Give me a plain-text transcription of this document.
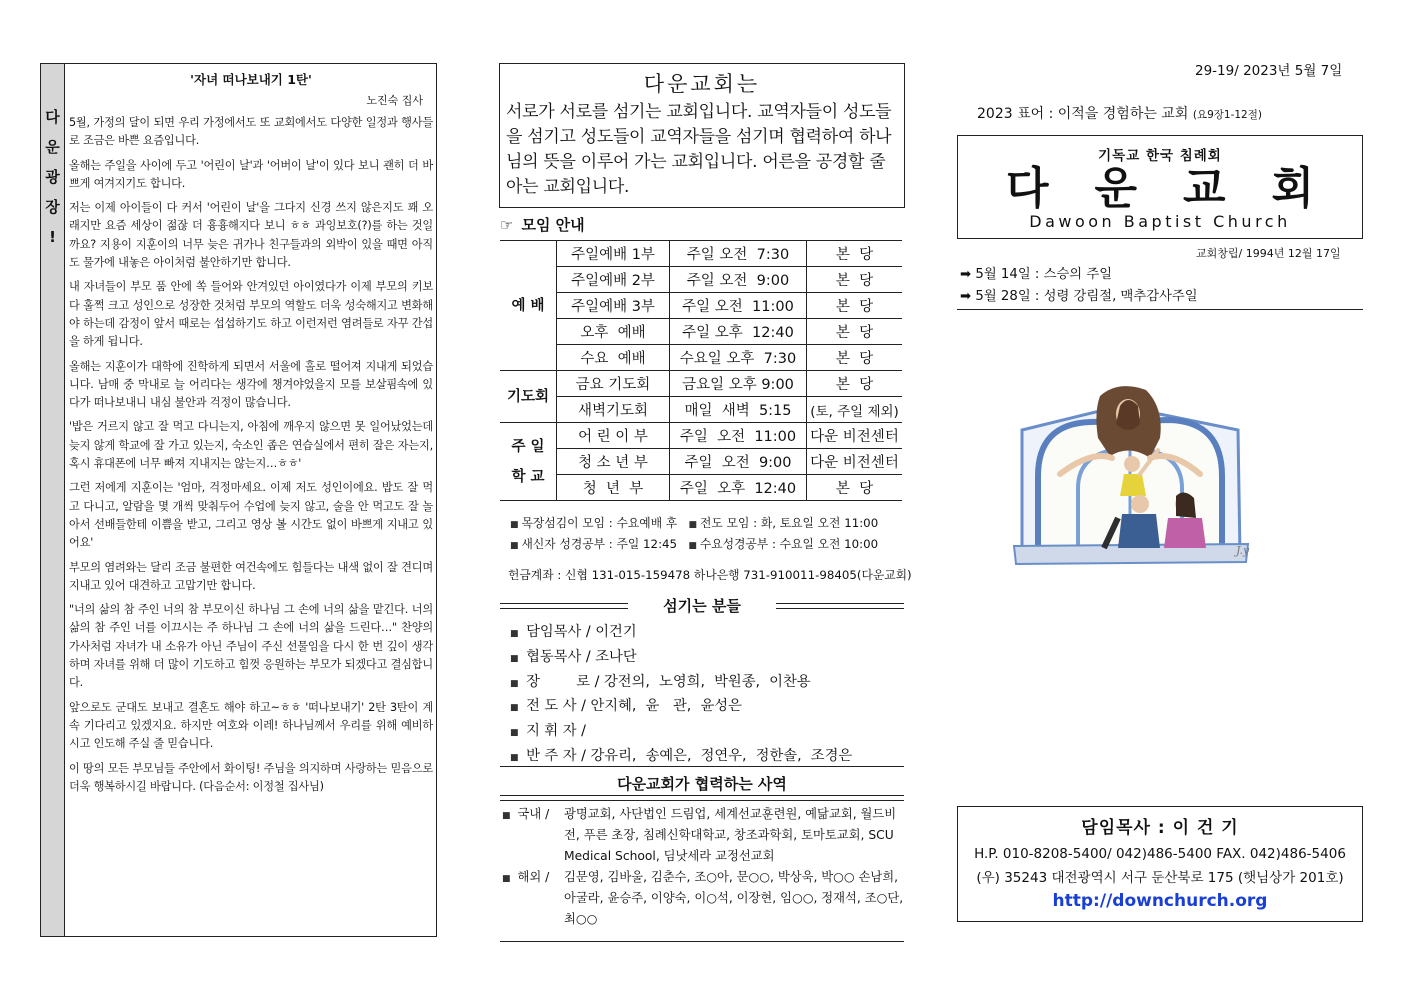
다
운
광
장
!
'자녀 떠나보내기 1탄'
노진숙 집사

5월, 가정의 달이 되면 우리 가정에서도 또 교회에서도 다양한 일정과 행사들로 조금은 바쁜 요즘입니다.

올해는 주일을 사이에 두고 '어린이 날'과 '어버이 날'이 있다 보니 괜히 더 바쁘게 여겨지기도 합니다.

저는 이제 아이들이 다 커서 '어린이 날'을 그다지 신경 쓰지 않은지도 꽤 오래지만 요즘 세상이 젊잖 더 흉흉해지다 보니 ㅎㅎ 과잉보호(?)를 하는 것일까요? 지용이 지훈이의 너무 늦은 귀가나 친구들과의 외박이 있을 때면 아직도 물가에 내놓은 아이처럼 불안하기만 합니다.

내 자녀들이 부모 품 안에 쏙 들어와 안겨있던 아이였다가 이제 부모의 키보다 훌쩍 크고 성인으로 성장한 것처럼 부모의 역할도 더욱 성숙해지고 변화해야 하는데 감정이 앞서 때로는 섭섭하기도 하고 이런저런 염려들로 자꾸 간섭을 하게 됩니다.

올해는 지훈이가 대학에 진학하게 되면서 서울에 홀로 떨어져 지내게 되었습니다. 남매 중 막내로 늘 어리다는 생각에 챙겨야었을지 모를 보살핌속에 있다가 떠나보내니 내심 불안과 걱정이 많습니다.

'밥은 거르지 않고 잘 먹고 다니는지, 아침에 깨우지 않으면 못 일어났었는데 늦지 않게 학교에 잘 가고 있는지, 숙소인 좁은 연습실에서 편히 잘은 자는지, 혹시 휴대폰에 너무 빠져 지내지는 않는지…ㅎㅎ'

그런 저에게 지훈이는 '엄마, 걱정마세요. 이제 저도 성인이에요. 밥도 잘 먹고 다니고, 알람을 몇 개씩 맞춰두어 수업에 늦지 않고, 술을 안 먹고도 잘 놀아서 선배들한테 이쁨을 받고, 그리고 영상 볼 시간도 없이 바쁘게 지내고 있어요'

부모의 염려와는 달리 조금 불편한 여건속에도 힘들다는 내색 없이 잘 견디며 지내고 있어 대견하고 고맙기만 합니다.

"너의 삶의 참 주인 너의 참 부모이신 하나님 그 손에 너의 삶을 맡긴다. 너의 삶의 참 주인 너를 이끄시는 주 하나님 그 손에 너의 삶을 드린다…" 찬양의 가사처럼 자녀가 내 소유가 아닌 주님이 주신 선물임을 다시 한 번 깊이 생각하며 자녀를 위해 더 많이 기도하고 힘껏 응원하는 부모가 되겠다고 결심합니다.

앞으로도 군대도 보내고 결혼도 해야 하고~ㅎㅎ '떠나보내기' 2탄 3탄이 계속 기다리고 있겠지요. 하지만 여호와 이레! 하나님께서 우리를 위해 예비하시고 인도해 주실 줄 믿습니다.

이 땅의 모든 부모님들 주안에서 화이팅! 주님을 의지하며 사랑하는 믿음으로 더욱 행복하시길 바랍니다. (다음순서: 이정철 집사님)

다운교회는
서로가 서로를 섬기는 교회입니다. 교역자들이 성도들을 섬기고 성도들이 교역자들을 섬기며 협력하여 하나님의 뜻을 이루어 가는 교회입니다. 어른을 공경할 줄 아는 교회입니다.
☞ 모임 안내
예 배	주일예배 1부	주일 오전  7:30	본  당
	주일예배 2부	주일 오전  9:00	본  당
	주일예배 3부	주일 오전  11:00	본  당
	오후  예배	주일 오후  12:40	본  당
	수요  예배	수요일 오후  7:30	본  당
기도회	금요 기도회	금요일 오후 9:00	본  당
	새벽기도회	매일  새벽  5:15	(토, 주일 제외)
주 일
학 교	어 린 이 부	주일  오전  11:00	다운 비전센터
	청 소 년 부	주일  오전  9:00	다운 비전센터
	청  년  부	주일  오후  12:40	본  당
■ 목장섬김이 모임 : 수요예배 후 ■ 전도 모임 : 화, 토요일 오전 11:00
■ 새신자 성경공부 : 주일 12:45 ■ 수요성경공부 : 수요일 오전 10:00
헌금계좌 : 신협 131-015-159478 하나은행 731-910011-98405(다운교회)
섬기는 분들
■ 담임목사 / 이건기
■ 협동목사 / 조나단
■ 장        로 / 강전의,  노영희,  박원종,  이찬용
■ 전 도 사 / 안지혜,  윤   관,  윤성은
■ 지 휘 자 /
■ 반 주 자 / 강유리,  송예은,  정연우,  정한솔,  조경은
다운교회가 협력하는 사역
■ 국내 /	광명교회, 사단법인 드림업, 세계선교훈련원, 예닮교회, 월드비전, 푸른 초장, 침례신학대학교, 창조과학회, 토마토교회, SCU Medical School, 딤낫세라 교정선교회
■ 해외 /	김문영, 김바울, 김춘수, 조○아, 문○○, 박상욱, 박○○ 손남희, 아굴라, 윤승주, 이양숙, 이○석, 이장현, 임○○, 정재석, 조○단, 최○○
29-19/ 2023년 5월 7일
2023 표어 : 이적을 경험하는 교회 (요9장1-12절)
기독교 한국 침례회
다운교회
Dawoon Baptist Church
교회창립/ 1994년 12월 17일
➡ 5월 14일 : 스승의 주일
➡ 5월 28일 : 성령 강림절, 맥추감사주일
J.y
담임목사 : 이 건 기
H.P. 010-8208-5400/ 042)486-5400 FAX. 042)486-5406
(우) 35243 대전광역시 서구 둔산북로 175 (햇님상가 201호)
http://downchurch.org
